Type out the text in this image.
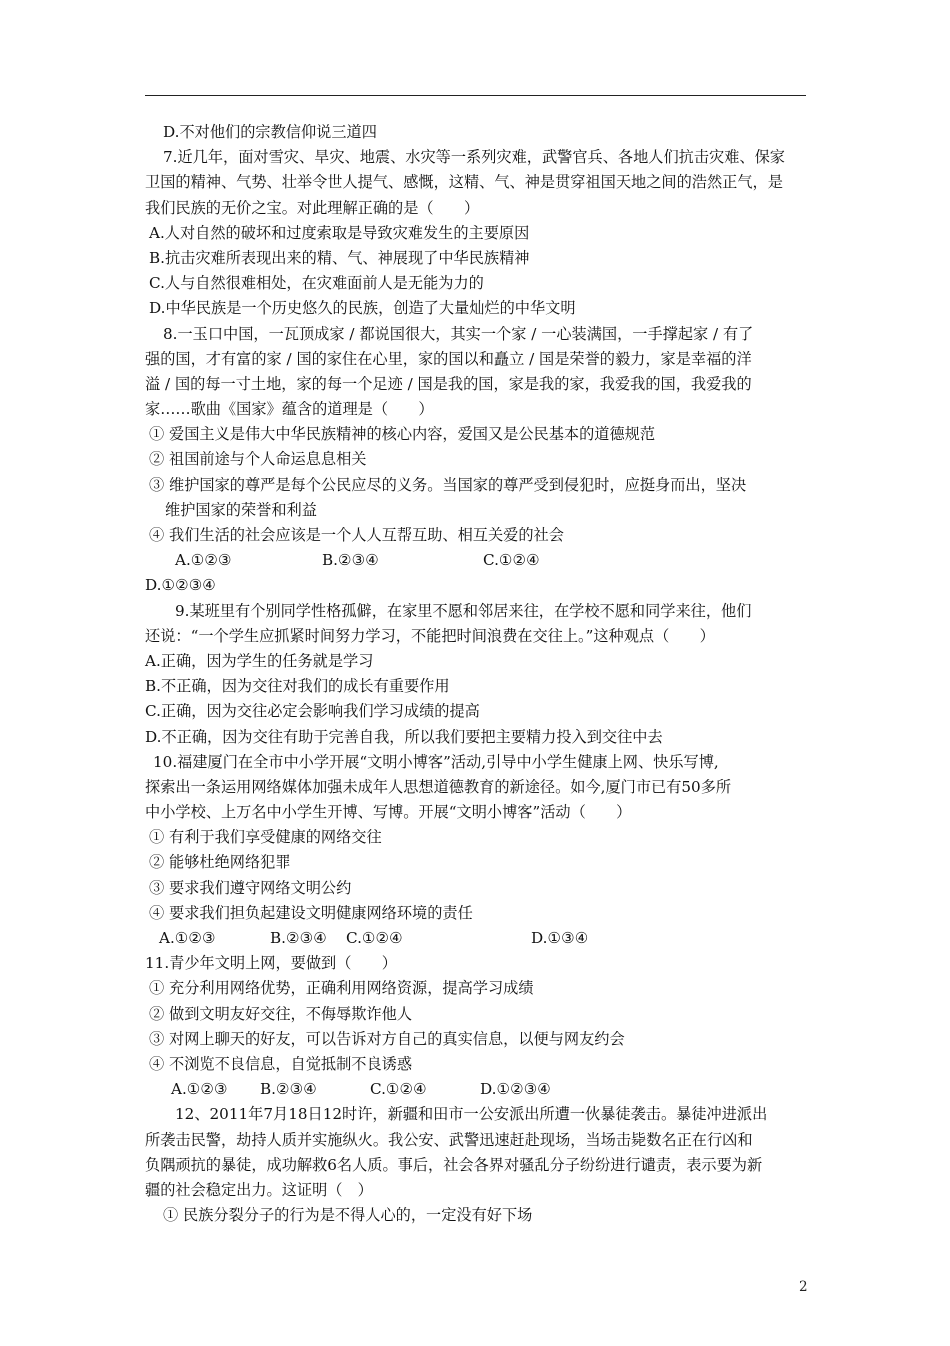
D.不对他们的宗教信仰说三道四
7.近几年，面对雪灾、旱灾、地震、水灾等一系列灾难，武警官兵、各地人们抗击灾难、保家
卫国的精神、气势、壮举令世人提气、感慨，这精、气、神是贯穿祖国天地之间的浩然正气，是
我们民族的无价之宝。对此理解正确的是（　　）
A.人对自然的破坏和过度索取是导致灾难发生的主要原因
B.抗击灾难所表现出来的精、气、神展现了中华民族精神
C.人与自然很难相处，在灾难面前人是无能为力的
D.中华民族是一个历史悠久的民族，创造了大量灿烂的中华文明
8.一玉口中国，一瓦顶成家 / 都说国很大，其实一个家 / 一心装满国，一手撑起家 / 有了
强的国，才有富的家 / 国的家住在心里，家的国以和矗立 / 国是荣誉的毅力，家是幸福的洋
溢 / 国的每一寸土地，家的每一个足迹 / 国是我的国，家是我的家，我爱我的国，我爱我的
家……歌曲《国家》蕴含的道理是（　　）
① 爱国主义是伟大中华民族精神的核心内容，爱国又是公民基本的道德规范
② 祖国前途与个人命运息息相关
③ 维护国家的尊严是每个公民应尽的义务。当国家的尊严受到侵犯时，应挺身而出，坚决
维护国家的荣誉和利益
④ 我们生活的社会应该是一个人人互帮互助、相互关爱的社会
A.①②③	B.②③④	C.①②④
D.①②③④
9.某班里有个别同学性格孤僻，在家里不愿和邻居来往，在学校不愿和同学来往，他们
还说：“一个学生应抓紧时间努力学习，不能把时间浪费在交往上。”这种观点（　　）
A.正确，因为学生的任务就是学习
B.不正确，因为交往对我们的成长有重要作用
C.正确，因为交往必定会影响我们学习成绩的提高
D.不正确，因为交往有助于完善自我，所以我们要把主要精力投入到交往中去
10.福建厦门在全市中小学开展“文明小博客”活动,引导中小学生健康上网、快乐写博,
探索出一条运用网络媒体加强未成年人思想道德教育的新途径。如今,厦门市已有50多所
中小学校、上万名中小学生开博、写博。开展“文明小博客”活动（　　）
① 有利于我们享受健康的网络交往
② 能够杜绝网络犯罪
③ 要求我们遵守网络文明公约
④ 要求我们担负起建设文明健康网络环境的责任
A.①②③	B.②③④	C.①②④	D.①③④
11.青少年文明上网，要做到（　　）
① 充分利用网络优势，正确利用网络资源，提高学习成绩
② 做到文明友好交往，不侮辱欺诈他人
③ 对网上聊天的好友，可以告诉对方自己的真实信息，以便与网友约会
④ 不浏览不良信息，自觉抵制不良诱惑
A.①②③	B.②③④	C.①②④	D.①②③④
12、2011年7月18日12时许，新疆和田市一公安派出所遭一伙暴徒袭击。暴徒冲进派出
所袭击民警，劫持人质并实施纵火。我公安、武警迅速赶赴现场，当场击毙数名正在行凶和
负隅顽抗的暴徒，成功解救6名人质。事后，社会各界对骚乱分子纷纷进行谴责，表示要为新
疆的社会稳定出力。这证明（　）
① 民族分裂分子的行为是不得人心的，一定没有好下场
2
